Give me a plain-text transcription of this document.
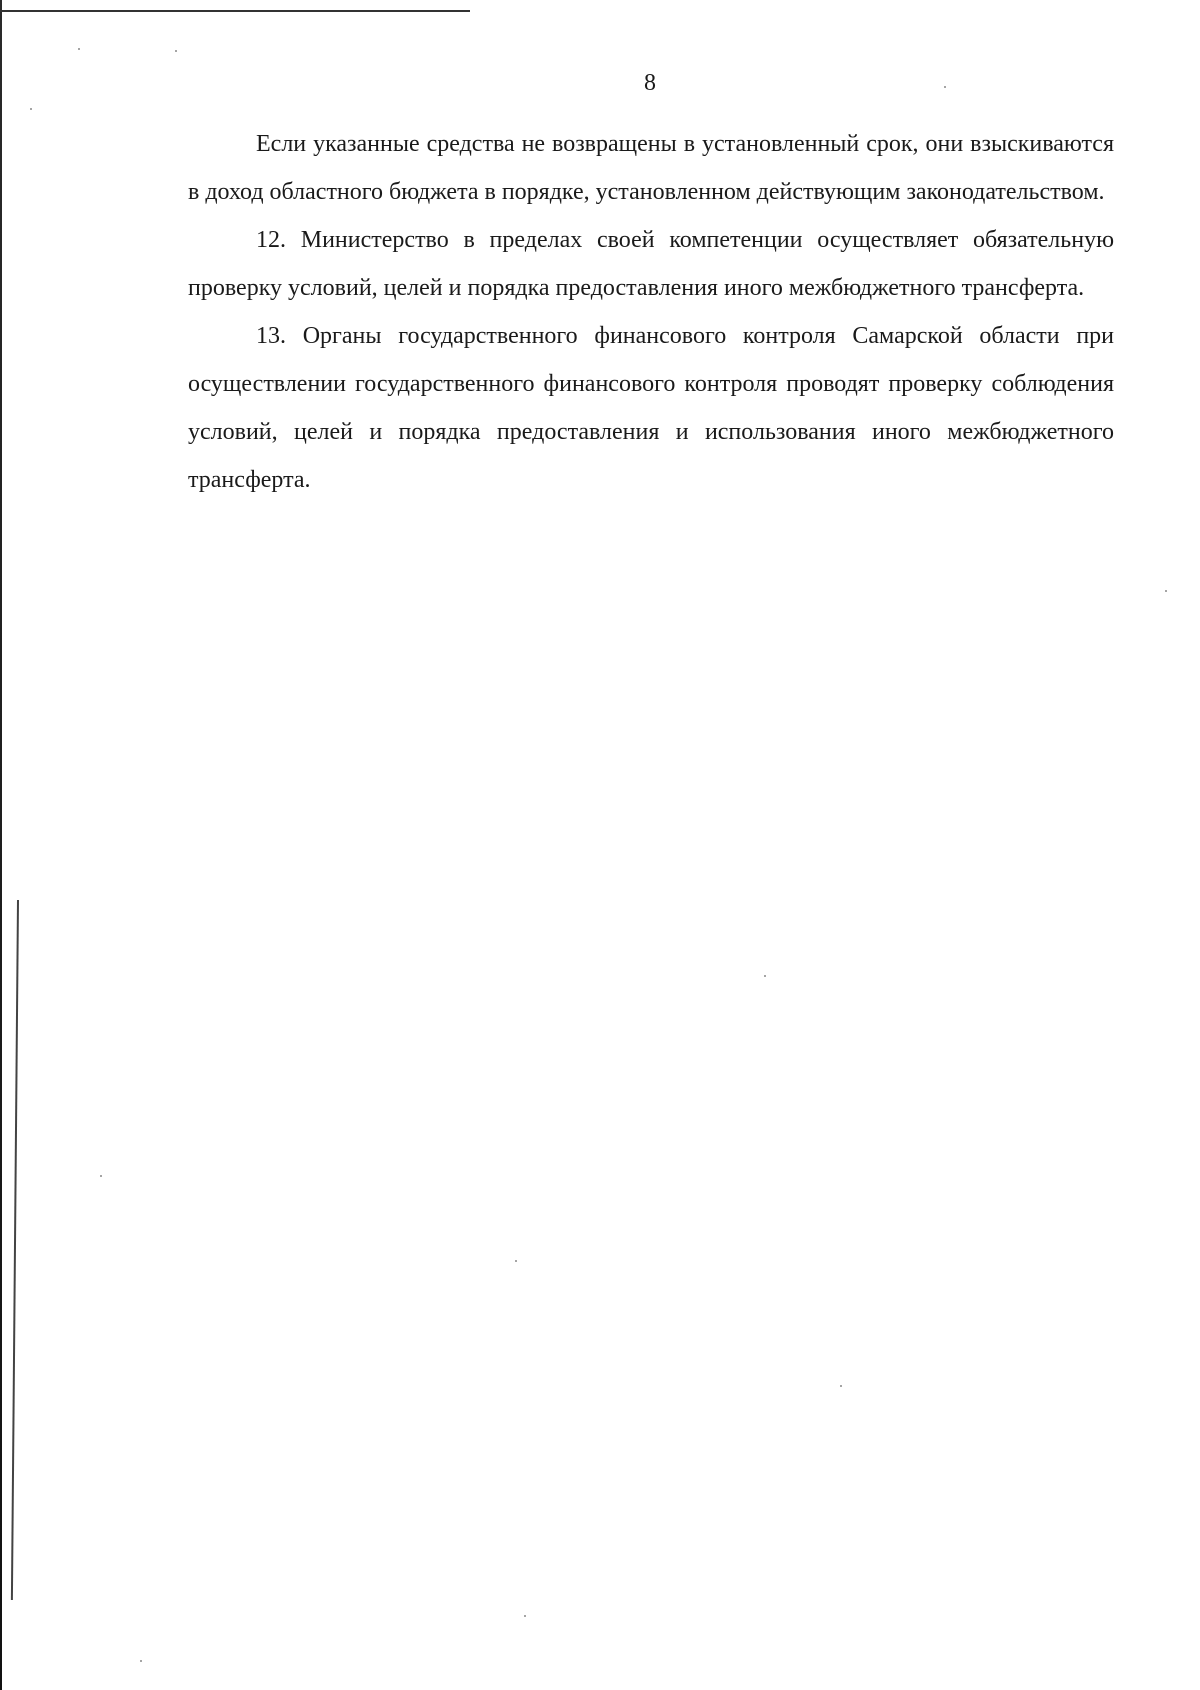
8

Если указанные средства не возвращены в установленный срок, они взыскиваются в доход областного бюджета в порядке, установленном действующим законодательством.

12. Министерство в пределах своей компетенции осуществляет обязательную проверку условий, целей и порядка предоставления иного межбюджетного трансферта.

13. Органы государственного финансового контроля Самарской области при осуществлении государственного финансового контроля проводят проверку соблюдения условий, целей и порядка предоставления и использования иного межбюджетного трансферта.
